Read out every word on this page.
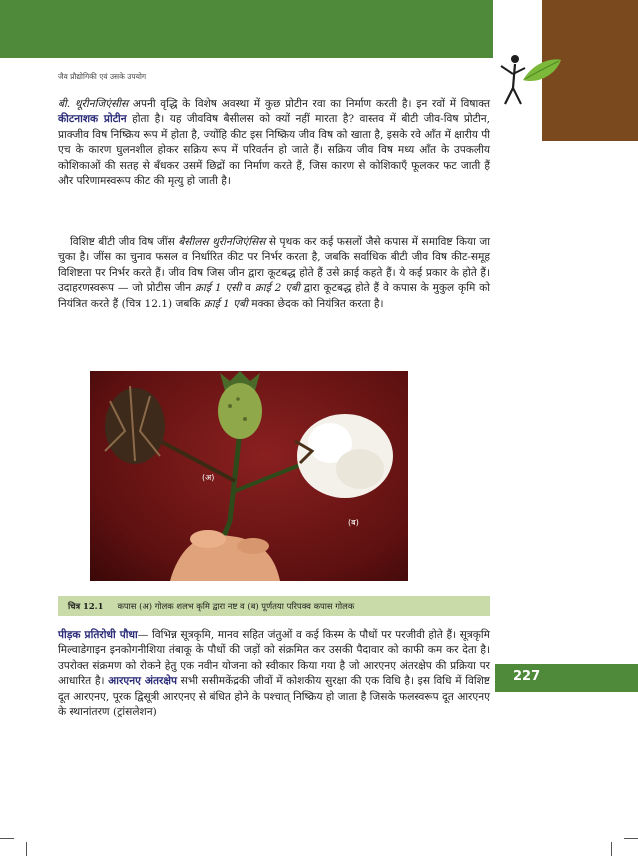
जैव प्रौद्योगिकी एवं उसके उपयोग

बी. थूरीनजिएंसीस अपनी वृद्धि के विशेष अवस्था में कुछ प्रोटीन रवा का निर्माण करती है। इन रवों में विषाक्त कीटनाशक प्रोटीन होता है। यह जीवविष बैसीलस को क्यों नहीं मारता है? वास्तव में बीटी जीव-विष प्रोटीन, प्राक्जीव विष निष्क्रिय रूप में होता है, ज्योंहि कीट इस निष्क्रिय जीव विष को खाता है, इसके रवे आँत में क्षारीय पी एच के कारण घुलनशील होकर सक्रिय रूप में परिवर्तन हो जाते हैं। सक्रिय जीव विष मध्य आँत के उपकलीय कोशिकाओं की सतह से बँधकर उसमें छिद्रों का निर्माण करते हैं, जिस कारण से कोशिकाएँ फूलकर फट जाती हैं और परिणामस्वरूप कीट की मृत्यु हो जाती है।

विशिष्ट बीटी जीव विष जींस बैसीलस थुरीनजिएंसिस से पृथक कर कई फसलों जैसे कपास में समाविष्ट किया जा चुका है। जींस का चुनाव फसल व निर्धारित कीट पर निर्भर करता है, जबकि सर्वाधिक बीटी जीव विष कीट-समूह विशिष्टता पर निर्भर करते हैं। जीव विष जिस जीन द्वारा कूटबद्ध होते हैं उसे क्राई कहते हैं। ये कई प्रकार के होते हैं। उदाहरणस्वरूप — जो प्रोटीस जीन क्राई 1 एसी व क्राई 2 एबी द्वारा कूटबद्ध होते हैं वे कपास के मुकुल कृमि को नियंत्रित करते हैं (चित्र 12.1) जबकि क्राई 1 एबी मक्का छेदक को नियंत्रित करता है।

(अ)
(ब)
चित्र 12.1 कपास (अ) गोलक शलभ कृमि द्वारा नष्ट व (ब) पूर्णतया परिपक्व कपास गोलक

पीड़क प्रतिरोधी पौधा— विभिन्न सूत्रकृमि, मानव सहित जंतुओं व कई किस्म के पौधों पर परजीवी होते हैं। सूत्रकृमि मिल्वाडेगाइन इनकोगनीशिया तंबाकू के पौधों की जड़ों को संक्रमित कर उसकी पैदावार को काफी कम कर देता है। उपरोक्त संक्रमण को रोकने हेतु एक नवीन योजना को स्वीकार किया गया है जो आरएनए अंतरक्षेप की प्रक्रिया पर आधारित है। आरएनए अंतरक्षेप सभी ससीमकेंद्रकी जीवों में कोशकीय सुरक्षा की एक विधि है। इस विधि में विशिष्ट दूत आरएनए, पूरक द्विसूत्री आरएनए से बंधित होने के पश्चात् निष्क्रिय हो जाता है जिसके फलस्वरूप दूत आरएनए के स्थानांतरण (ट्रांसलेशन)

227
